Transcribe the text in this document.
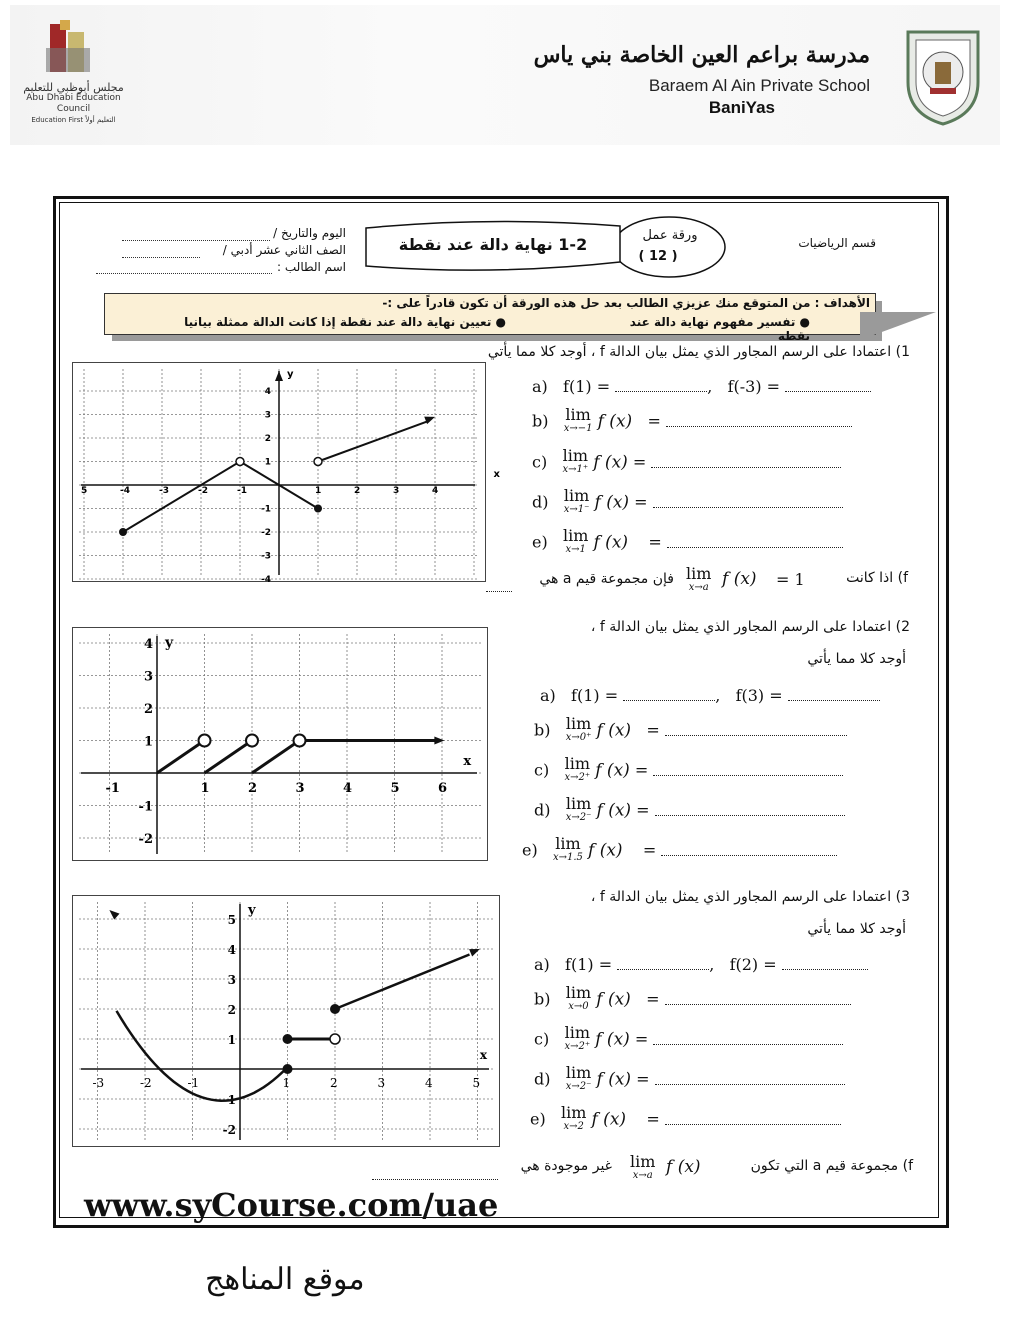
مجلس أبوظبي للتعليم
Abu Dhabi Education Council
Education First التعليم أولاً
مدرسة براعم العين الخاصة بني ياس
Baraem Al Ain Private School
BaniYas
قسم الرياضيات
ورقة عمل
( 12 )
1-2 نهاية دالة عند نقطة
اليوم والتاريخ /
الصف الثاني عشر أدبي /
اسم الطالب :
الأهداف : من المتوقع منك عزيزي الطالب بعد حل هذه الورقة أن تكون قادراً على :-
● تفسير مفهوم نهاية دالة عند نقطة
● تعيين نهاية دالة عند نقطة إذا كانت الدالة ممثلة بيانيا
1) اعتمادا على الرسم المجاور الذي يمثل بيان الدالة f ، أوجد كلا مما يأتي
5	-4	-3	-2	-1	1	2	3	4
4
3
2
1
-1
-2
-3
-4
x
y
a) f(1) =	, f(-3) =
b) lim
x→−1 f (x) =
c) lim
x→1⁺ f (x) =
d) lim
x→1⁻ f (x) =
e) lim
x→1 f (x) =
فإن مجموعة قيم a هي lim
x→a f (x) = 1	f) اذا كانت
2) اعتمادا على الرسم المجاور الذي يمثل بيان الدالة f ،
أوجد كلا مما يأتي
-1	1	2	3	4	5	6
4
3
2
1
-1
-2
x
y
a) f(1) =	, f(3) =
b) lim
x→0⁺ f (x) =
c) lim
x→2⁺ f (x) =
d) lim
x→2⁻ f (x) =
e) lim
x→1.5 f (x) =
3) اعتمادا على الرسم المجاور الذي يمثل بيان الدالة f ،
أوجد كلا مما يأتي
-3	-2	-1	1	2	3	4	5
5
4
3
2
1
-1
-2
x
y
a) f(1) =	, f(2) =
b) lim
x→0 f (x) =
c) lim
x→2⁺ f (x) =
d) lim
x→2⁻ f (x) =
e) lim
x→2 f (x) =
غير موجودة هي lim
x→a f (x)	f) مجموعة قيم a التي تكون
www.syCourse.com/uae
موقع المناهج
